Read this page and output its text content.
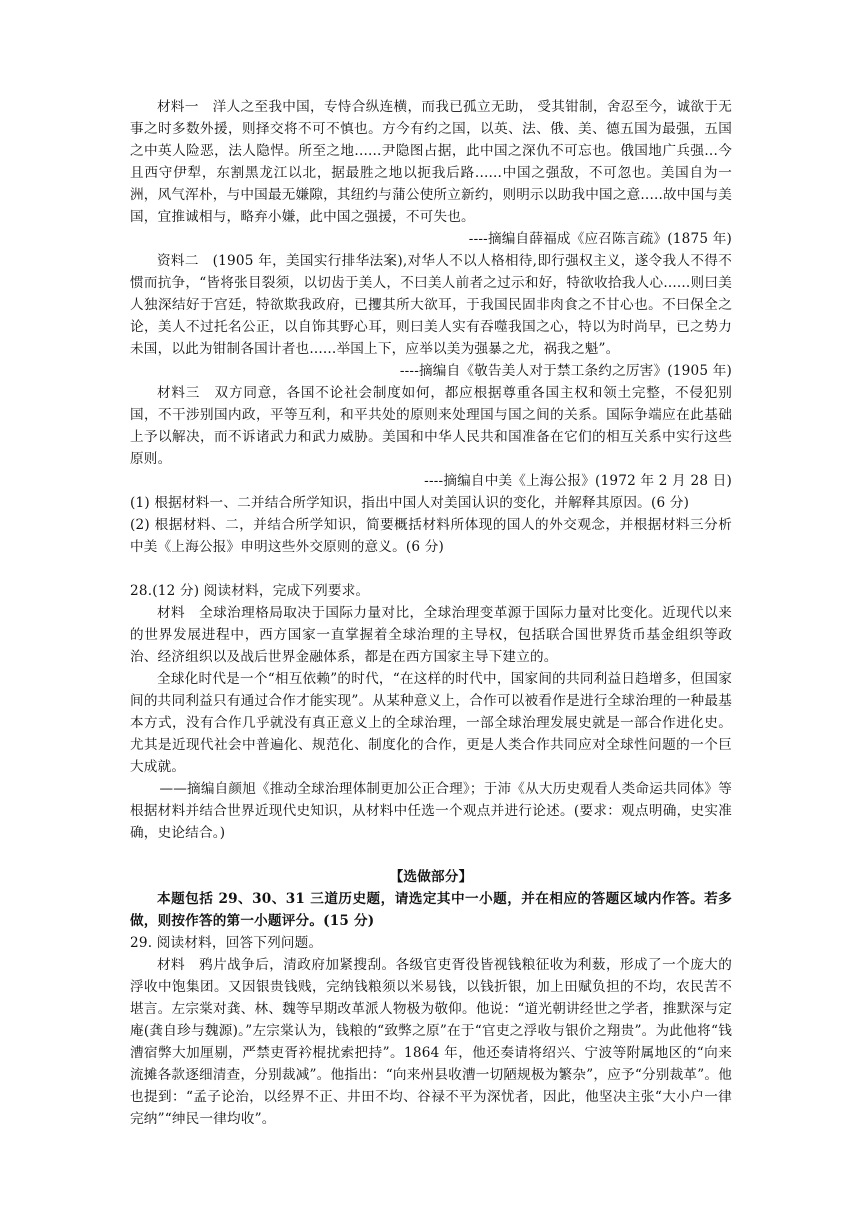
材料一　洋人之至我中国，专恃合纵连横，而我已孤立无助， 受其钳制，舍忍至今，诚欲于无事之时多数外援，则择交将不可不慎也。方今有约之国，以英、法、俄、美、德五国为最强，五国之中英人险恶，法人隐悍。所至之地......尹隐图占据，此中国之深仇不可忘也。俄国地广兵强...今且西守伊犁，东割黑龙江以北，据最胜之地以扼我后路......中国之强敌，不可忽也。美国自为一洲，风气浑朴，与中国最无嫌隙，其纽约与蒲公使所立新约，则明示以助我中国之意.....故中国与美国，宜推诚相与，略弃小嫌，此中国之强援，不可失也。

----摘编自薛福成《应召陈言疏》(1875 年)

资料二　(1905 年，美国实行排华法案),对华人不以人格相待,即行强权主义，遂令我人不得不惯而抗争，“皆将张目裂须，以切齿于美人，不曰美人前者之过示和好，特欲收拾我人心......则曰美人独深结好于宫廷，特欲欺我政府，已攫其所大欲耳，于我国民固非肉食之不甘心也。不曰保全之论，美人不过托名公正，以自饰其野心耳，则曰美人实有吞噬我国之心，特以为时尚早，已之势力未国，以此为钳制各国计者也......举国上下，应举以美为强暴之尤，祸我之魁”。

----摘编自《敬告美人对于禁工条约之厉害》(1905 年)

材料三　双方同意，各国不论社会制度如何，都应根据尊重各国主权和领土完整，不侵犯别国，不干涉别国内政，平等互利，和平共处的原则来处理国与国之间的关系。国际争端应在此基础上予以解决，而不诉诸武力和武力威胁。美国和中华人民共和国准备在它们的相互关系中实行这些原则。

----摘编自中美《上海公报》(1972 年 2 月 28 日)

(1) 根据材料一、二并结合所学知识，指出中国人对美国认识的变化，并解释其原因。(6 分)

(2) 根据材料、二，并结合所学知识，简要概括材料所体现的国人的外交观念，并根据材料三分析中美《上海公报》申明这些外交原则的意义。(6 分)

28.(12 分) 阅读材料，完成下列要求。

材料　全球治理格局取决于国际力量对比，全球治理变革源于国际力量对比变化。近现代以来的世界发展进程中，西方国家一直掌握着全球治理的主导权，包括联合国世界货币基金组织等政治、经济组织以及战后世界金融体系，都是在西方国家主导下建立的。

全球化时代是一个“相互依赖”的时代，“在这样的时代中，国家间的共同利益日趋增多，但国家间的共同利益只有通过合作才能实现”。从某种意义上，合作可以被看作是进行全球治理的一种最基本方式，没有合作几乎就没有真正意义上的全球治理，一部全球治理发展史就是一部合作进化史。尤其是近现代社会中普遍化、规范化、制度化的合作，更是人类合作共同应对全球性问题的一个巨大成就。

——摘编自颜旭《推动全球治理体制更加公正合理》；于沛《从大历史观看人类命运共同体》等

根据材料并结合世界近现代史知识，从材料中任选一个观点并进行论述。(要求：观点明确，史实准确，史论结合。)

【选做部分】

本题包括 29、30、31 三道历史题，请选定其中一小题，并在相应的答题区域内作答。若多做，则按作答的第一小题评分。(15 分)

29. 阅读材料，回答下列问题。

材料　鸦片战争后，清政府加紧搜刮。各级官吏胥役皆视钱粮征收为利薮，形成了一个庞大的浮收中饱集团。又因银贵钱贱，完纳钱粮须以米易钱，以钱折银，加上田赋负担的不均，农民苦不堪言。左宗棠对龚、林、魏等早期改革派人物极为敬仰。他说：“道光朝讲经世之学者，推默深与定庵(龚自珍与魏源)。”左宗棠认为，钱粮的“致弊之原”在于“官吏之浮收与银价之翔贵”。为此他将“钱漕宿弊大加厘剔，严禁吏胥衿棍扰索把持”。1864 年，他还奏请将绍兴、宁波等附属地区的“向来流摊各款逐细清查，分别裁减”。他指出：“向来州县收漕一切陋规极为繁杂”，应予“分别裁革”。他也提到：“孟子论治，以经界不正、井田不均、谷禄不平为深忧者，因此，他坚决主张“大小户一律完纳”“绅民一律均收”。
